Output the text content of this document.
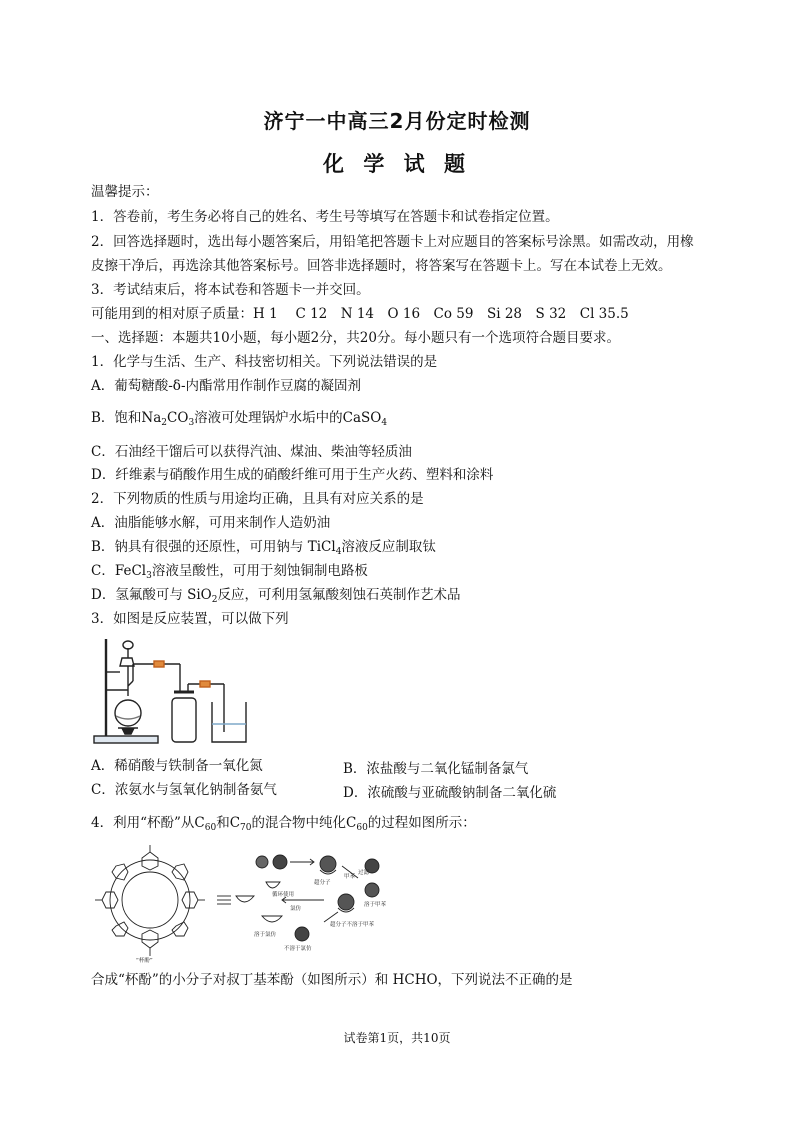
济宁一中高三2月份定时检测
化 学 试 题
温馨提示：
1．答卷前，考生务必将自己的姓名、考生号等填写在答题卡和试卷指定位置。
2．回答选择题时，选出每小题答案后，用铅笔把答题卡上对应题目的答案标号涂黑。如需改动，用橡
皮擦干净后，再选涂其他答案标号。回答非选择题时，将答案写在答题卡上。写在本试卷上无效。
3．考试结束后，将本试卷和答题卡一并交回。
可能用到的相对原子质量：H 1　 C 12　N 14　O 16　Co 59　Si 28　S 32　Cl 35.5
一、选择题：本题共10小题，每小题2分，共20分。每小题只有一个选项符合题目要求。
1．化学与生活、生产、科技密切相关。下列说法错误的是
A．葡萄糖酸-δ-内酯常用作制作豆腐的凝固剂
B．饱和$Na_2CO_3$溶液可处理锅炉水垢中的CaSO$_4$
C．石油经干馏后可以获得汽油、煤油、柴油等轻质油
D．纤维素与硝酸作用生成的硝酸纤维可用于生产火药、塑料和涂料
2．下列物质的性质与用途均正确，且具有对应关系的是
A．油脂能够水解，可用来制作人造奶油
B．钠具有很强的还原性，可用钠与 TiCl$_4$溶液反应制取钛
C．FeCl$_3$溶液呈酸性，可用于刻蚀铜制电路板
D．氢氟酸可与 SiO$_2$反应，可利用氢氟酸刻蚀石英制作艺术品
3．如图是反应装置，可以做下列
A．稀硝酸与铁制备一氧化氮	B．浓盐酸与二氧化锰制备氯气
C．浓氨水与氢氧化钠制备氨气	D．浓硫酸与亚硫酸钠制备二氧化硫
4．利用“杯酚”从$C_{60}$和$C_{70}$的混合物中纯化$C_{60}$的过程如图所示：
“杯酚”
超分子
甲苯
过滤
溶于甲苯
氯仿
循环使用
溶于氯仿
超分子不溶于甲苯
不溶于氯仿
合成“杯酚”的小分子对叔丁基苯酚（如图所示）和 HCHO，下列说法不正确的是
试卷第1页，共10页
